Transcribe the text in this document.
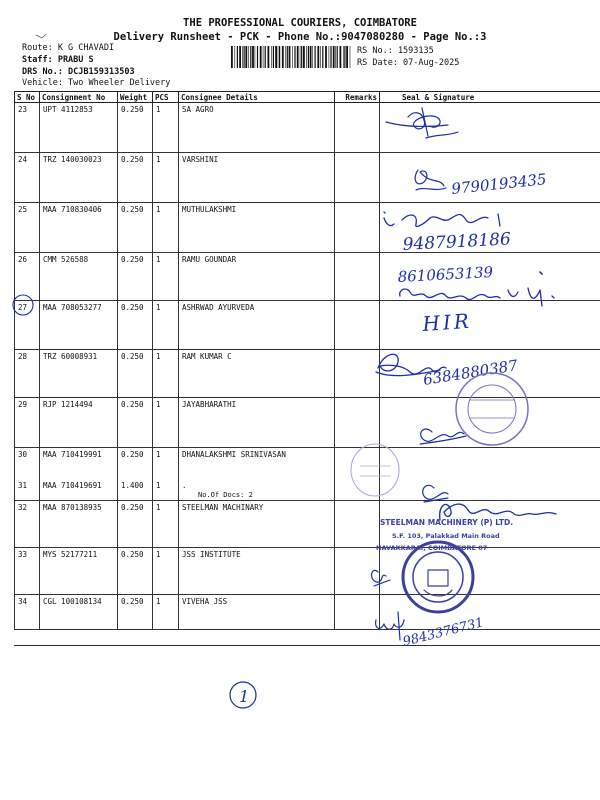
THE PROFESSIONAL COURIERS, COIMBATORE
Delivery Runsheet - PCK - Phone No.:9047080280 - Page No.:3
Route: K G CHAVADI
Staff: PRABU S
DRS No.: DCJB159313503
Vehicle: Two Wheeler Delivery
RS No.: 1593135
RS Date: 07-Aug-2025
S No	Consignment No	Weight	PCS	Consignee Details	Remarks	Seal & Signature
23	UPT 4112853	0.250	1	SA AGRO		
24	TRZ 140030023	0.250	1	VARSHINI		
25	MAA 710830406	0.250	1	MUTHULAKSHMI		
26	CMM 526588	0.250	1	RAMU GOUNDAR		
27	MAA 708053277	0.250	1	ASHRWAD AYURVEDA		
28	TRZ 60008931	0.250	1	RAM KUMAR C		
29	RJP 1214494	0.250	1	JAYABHARATHI		
30	MAA 710419991	0.250	1	DHANALAKSHMI SRINIVASAN		
31	MAA 710419691	1.400	1	.
No.Of Docs: 2		

32	MAA 870138935	0.250	1	STEELMAN MACHINARY		
33	MYS 52177211	0.250	1	JSS INSTITUTE		
34	CGL 100108134	0.250	1	VIVEHA JSS		
9790193435
9487918186
8610653139
HIR
6384880387
STEELMAN MACHINERY (P) LTD.
S.F. 103, Palakkad Main Road
NAVAKKARAI, COIMBATORE 07
9843376731
1
